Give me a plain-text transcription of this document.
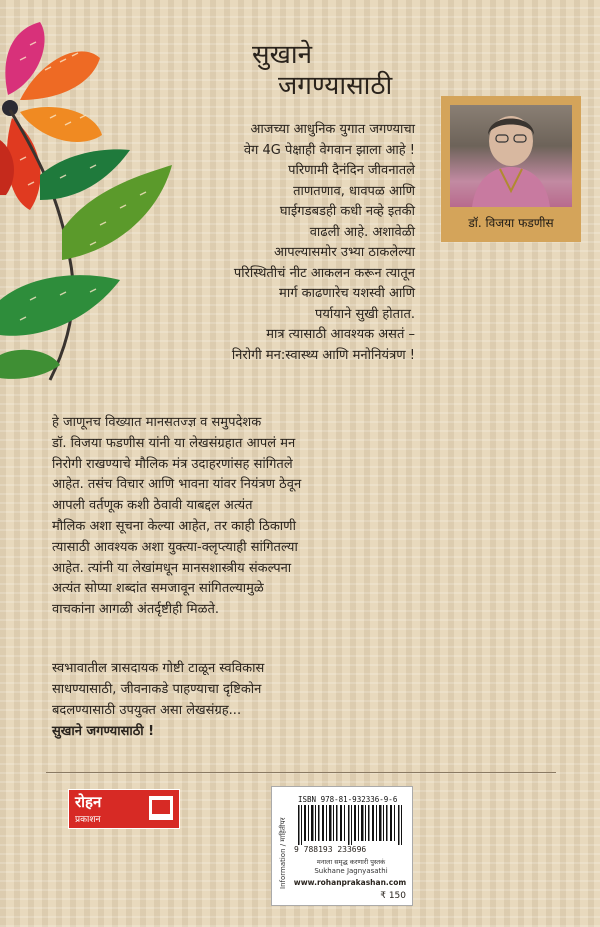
सुखाने
जगण्यासाठी
डॉ. विजया फडणीस
आजच्या आधुनिक युगात जगण्याचा
वेग 4G पेक्षाही वेगवान झाला आहे !
परिणामी दैनंदिन जीवनातले
ताणतणाव, धावपळ आणि
घाईगडबडही कधी नव्हे इतकी
वाढली आहे. अशावेळी
आपल्यासमोर उभ्या ठाकलेल्या
परिस्थितीचं नीट आकलन करून त्यातून
मार्ग काढणारेच यशस्वी आणि
पर्यायाने सुखी होतात.
मात्र त्यासाठी आवश्यक असतं –
निरोगी मन:स्वास्थ्य आणि मनोनियंत्रण !
हे जाणूनच विख्यात मानसतज्ज्ञ व समुपदेशक
डॉ. विजया फडणीस यांनी या लेखसंग्रहात आपलं मन
निरोगी राखण्याचे मौलिक मंत्र उदाहरणांसह सांगितले
आहेत. तसंच विचार आणि भावना यांवर नियंत्रण ठेवून
आपली वर्तणूक कशी ठेवावी याबद्दल अत्यंत
मौलिक अशा सूचना केल्या आहेत, तर काही ठिकाणी
त्यासाठी आवश्यक अशा युक्त्या-क्लृप्त्याही सांगितल्या
आहेत. त्यांनी या लेखांमधून मानसशास्त्रीय संकल्पना
अत्यंत सोप्या शब्दांत समजावून सांगितल्यामुळे
वाचकांना आगळी अंतर्दृष्टीही मिळते.
स्वभावातील त्रासदायक गोष्टी टाळून स्वविकास
साधण्यासाठी, जीवनाकडे पाहण्याचा दृष्टिकोन
बदलण्यासाठी उपयुक्त असा लेखसंग्रह...
सुखाने जगण्यासाठी !
रोहन
प्रकाशन	Information / माहितीपर
ISBN 978-81-932336-9-6
9 788193 233696
मनाला समृद्ध करणारी पुस्तकं
Sukhane Jagnyasathi
www.rohanprakashan.com
₹ 150
